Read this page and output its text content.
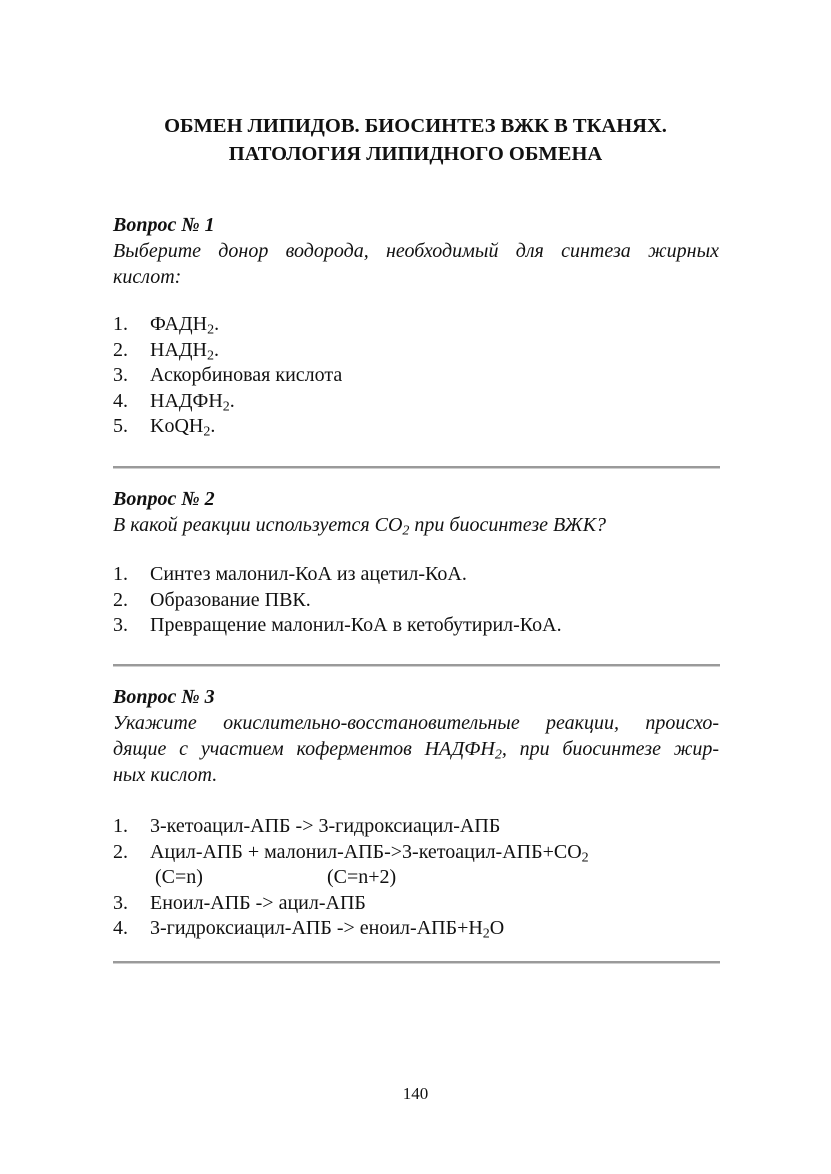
ОБМЕН ЛИПИДОВ. БИОСИНТЕЗ ВЖК В ТКАНЯХ.
ПАТОЛОГИЯ ЛИПИДНОГО ОБМЕНА
Вопрос № 1
Выберите донор водорода, необходимый для синтеза жирных
кислот:
1.	$ФАДН_2$.
2.	$НАДН_2$.
3.	Аскорбиновая кислота
4.	$НАДФН_2$.
5.	KoQH$_2$.
Вопрос № 2
В какой реакции используется $СО_2$ при биосинтезе ВЖК?
1.	Синтез малонил-КоА из ацетил-КоА.
2.	Образование ПВК.
3.	Превращение малонил-КоА в кетобутирил-КоА.
Вопрос № 3
Укажите окислительно-восстановительные реакции, происхо-
дящие с участием коферментов $НАДФН_2$, при биосинтезе жир-
ных кислот.
1.	3-кетоацил-АПБ -> 3-гидроксиацил-АПБ
2.	Ацил-АПБ + малонил-$АПБ->3-кетоацил-АПБ+СО_2$
(C=n)	(C=n+2)
3.	Еноил-АПБ -> ацил-АПБ
4.	3-гидроксиацил-АПБ -> еноил-$АПБ+Н_2О$
140
